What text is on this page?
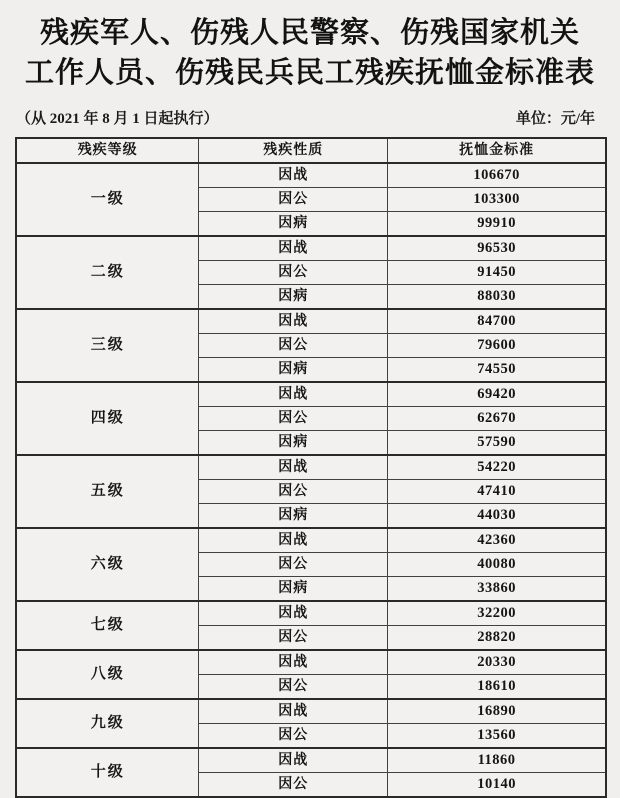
残疾军人、伤残人民警察、伤残国家机关
工作人员、伤残民兵民工残疾抚恤金标准表
（从 2021 年 8 月 1 日起执行）	单位：元/年
残疾等级	残疾性质	抚恤金标准
一级	因战	106670
	因公	103300
	因病	99910
二级	因战	96530
	因公	91450
	因病	88030
三级	因战	84700
	因公	79600
	因病	74550
四级	因战	69420
	因公	62670
	因病	57590
五级	因战	54220
	因公	47410
	因病	44030
六级	因战	42360
	因公	40080
	因病	33860
七级	因战	32200
	因公	28820
八级	因战	20330
	因公	18610
九级	因战	16890
	因公	13560
十级	因战	11860
	因公	10140
